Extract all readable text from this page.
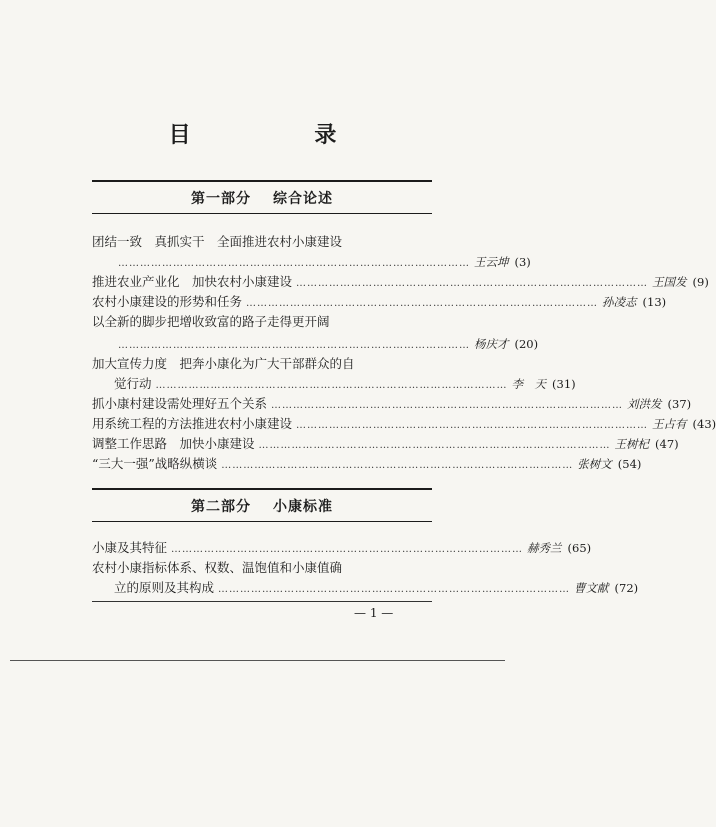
目 录
第一部分 综合论述
团结一致　真抓实干　全面推进农村小康建设
…………………………………………………………………………………… 王云坤 (3)
推进农业产业化　加快农村小康建设 …………………………………………………………………………………… 王国发 (9)
农村小康建设的形势和任务 …………………………………………………………………………………… 孙凌志 (13)
以全新的脚步把增收致富的路子走得更开阔
…………………………………………………………………………………… 杨庆才 (20)
加大宣传力度　把奔小康化为广大干部群众的自
觉行动 …………………………………………………………………………………… 李　天 (31)
抓小康村建设需处理好五个关系 …………………………………………………………………………………… 刘洪发 (37)
用系统工程的方法推进农村小康建设 …………………………………………………………………………………… 王占有 (43)
调整工作思路　加快小康建设 …………………………………………………………………………………… 王树杞 (47)
“三大一强”战略纵横谈 …………………………………………………………………………………… 张树文 (54)
第二部分 小康标准
小康及其特征 …………………………………………………………………………………… 赫秀兰 (65)
农村小康指标体系、权数、温饱值和小康值确
立的原则及其构成 …………………………………………………………………………………… 曹文献 (72)
— 1 —
